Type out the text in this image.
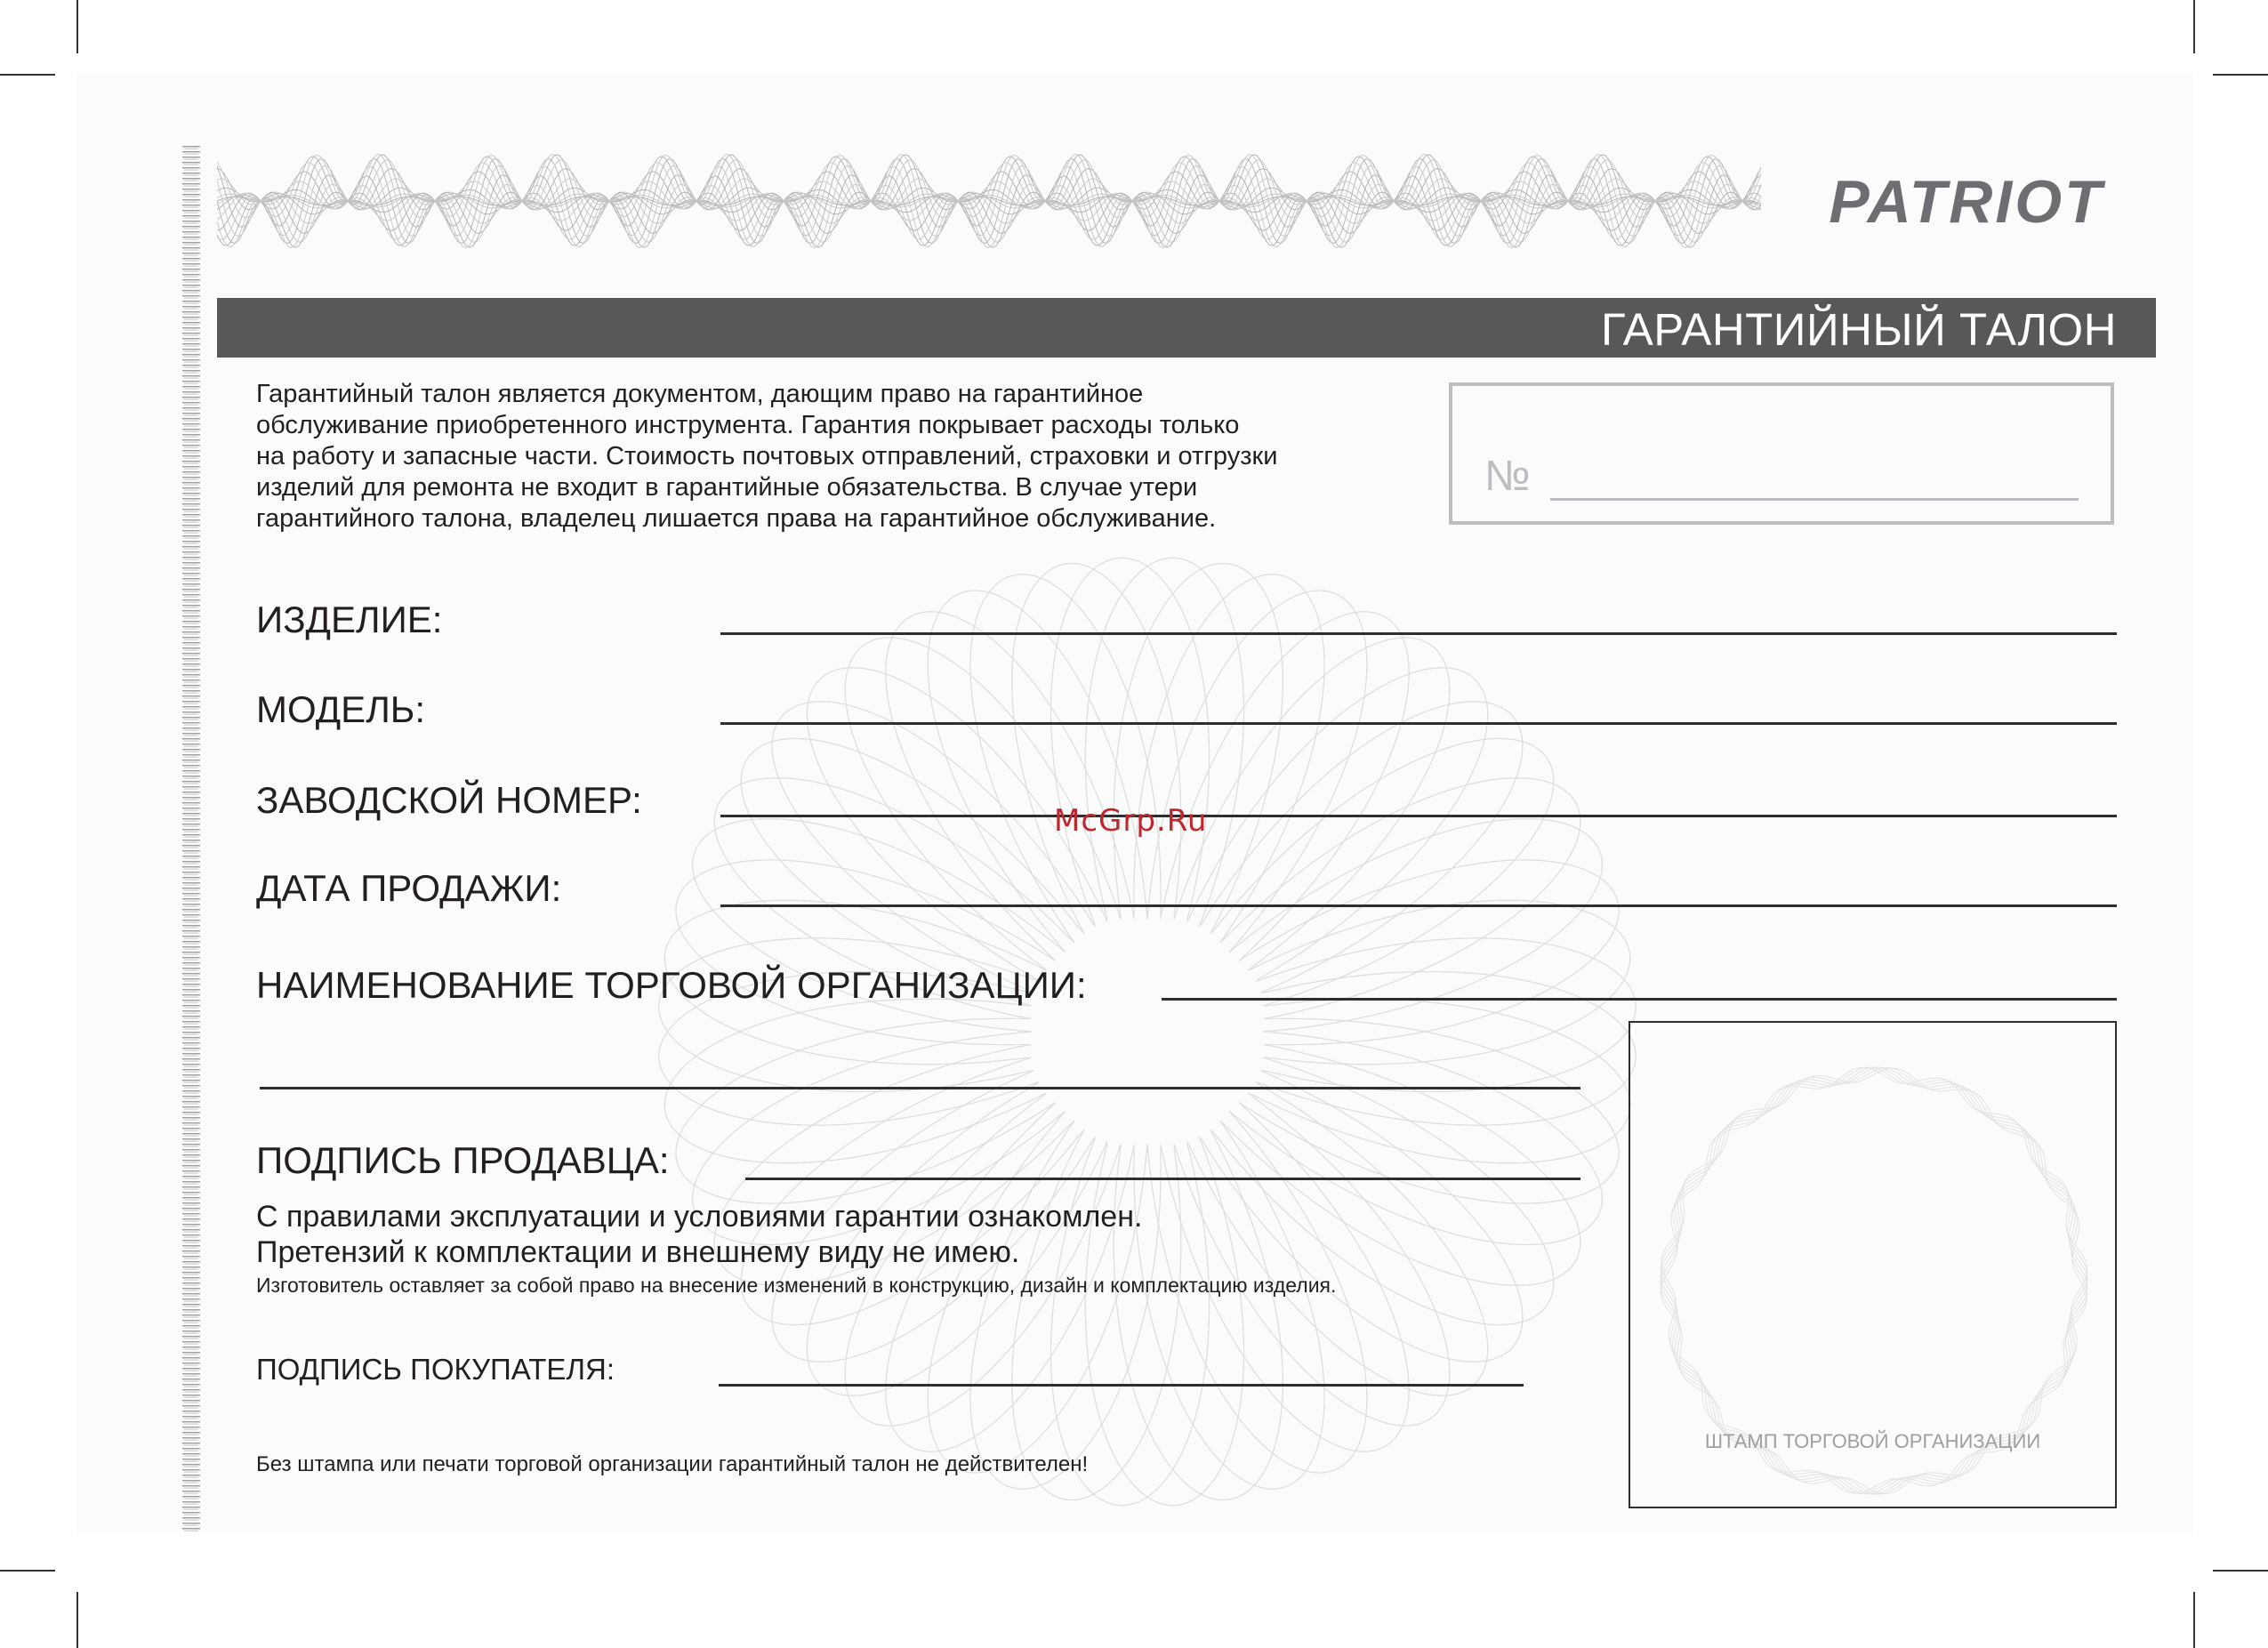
PATRIOT
ГАРАНТИЙНЫЙ ТАЛОН
Гарантийный талон является документом, дающим право на гарантийное
обслуживание приобретенного инструмента. Гарантия покрывает расходы только
на работу и запасные части. Стоимость почтовых отправлений, страховки и отгрузки
изделий для ремонта не входит в гарантийные обязательства. В случае утери
гарантийного талона, владелец лишается права на гарантийное обслуживание.
№
ИЗДЕЛИЕ:
МОДЕЛЬ:
ЗАВОДСКОЙ НОМЕР:
ДАТА ПРОДАЖИ:
НАИМЕНОВАНИЕ ТОРГОВОЙ ОРГАНИЗАЦИИ:
ПОДПИСЬ ПРОДАВЦА:
С правилами эксплуатации и условиями гарантии ознакомлен.
Претензий к комплектации и внешнему виду не имею.
Изготовитель оставляет за собой право на внесение изменений в конструкцию, дизайн и комплектацию изделия.
ПОДПИСЬ ПОКУПАТЕЛЯ:
Без штампа или печати торговой организации гарантийный талон не действителен!
ШТАМП ТОРГОВОЙ ОРГАНИЗАЦИИ
McGrp.Ru
